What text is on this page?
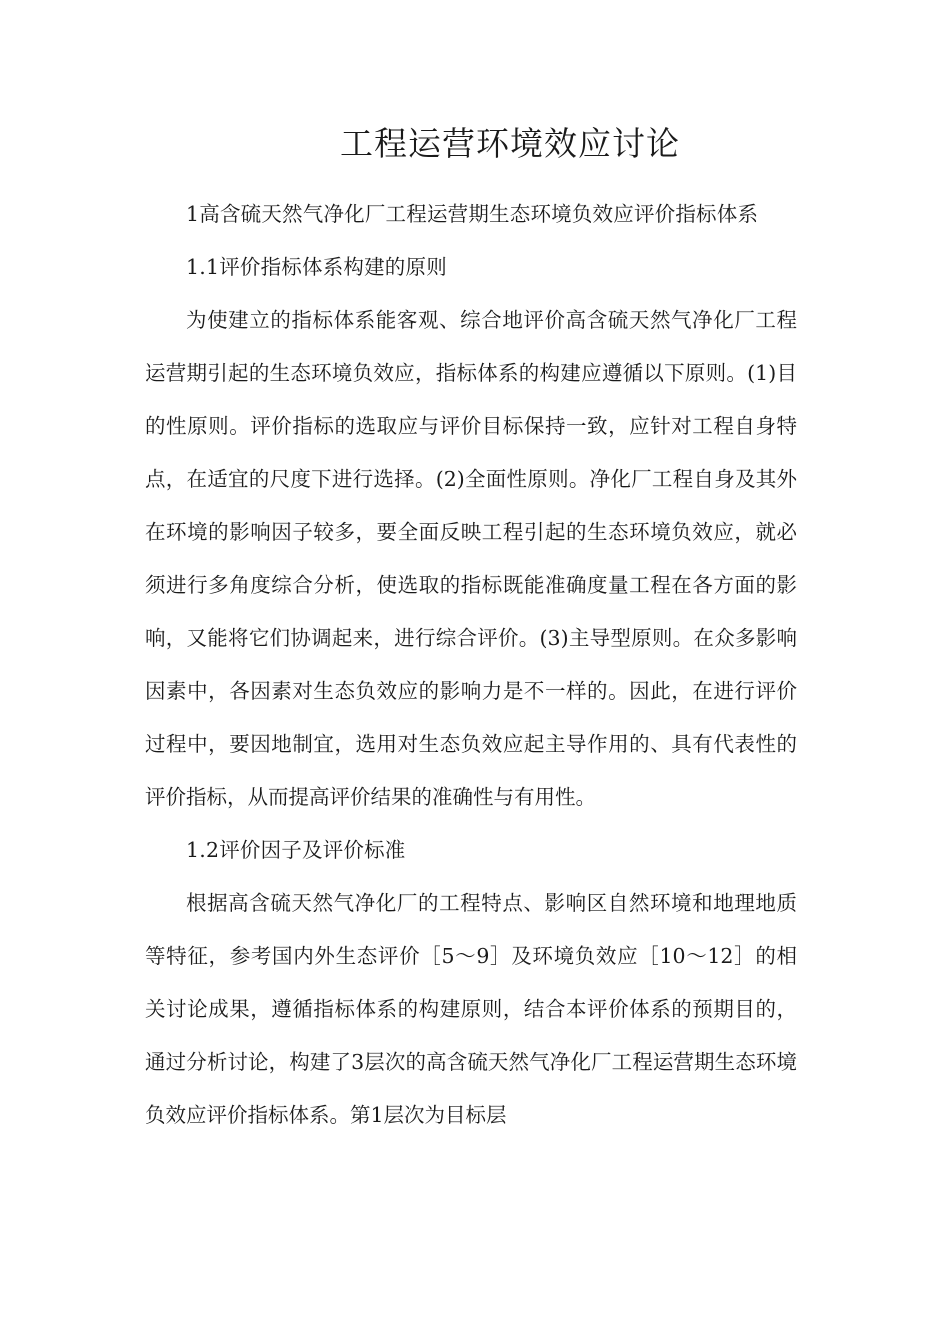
工程运营环境效应讨论

1高含硫天然气净化厂工程运营期生态环境负效应评价指标体系

1.1评价指标体系构建的原则

为使建立的指标体系能客观、综合地评价高含硫天然气净化厂工程运营期引起的生态环境负效应，指标体系的构建应遵循以下原则。(1)目的性原则。评价指标的选取应与评价目标保持一致，应针对工程自身特点，在适宜的尺度下进行选择。(2)全面性原则。净化厂工程自身及其外在环境的影响因子较多，要全面反映工程引起的生态环境负效应，就必须进行多角度综合分析，使选取的指标既能准确度量工程在各方面的影响，又能将它们协调起来，进行综合评价。(3)主导型原则。在众多影响因素中，各因素对生态负效应的影响力是不一样的。因此，在进行评价过程中，要因地制宜，选用对生态负效应起主导作用的、具有代表性的评价指标，从而提高评价结果的准确性与有用性。

1.2评价因子及评价标准

根据高含硫天然气净化厂的工程特点、影响区自然环境和地理地质等特征，参考国内外生态评价［5～9］及环境负效应［10～12］的相关讨论成果，遵循指标体系的构建原则，结合本评价体系的预期目的，通过分析讨论，构建了3层次的高含硫天然气净化厂工程运营期生态环境负效应评价指标体系。第1层次为目标层
